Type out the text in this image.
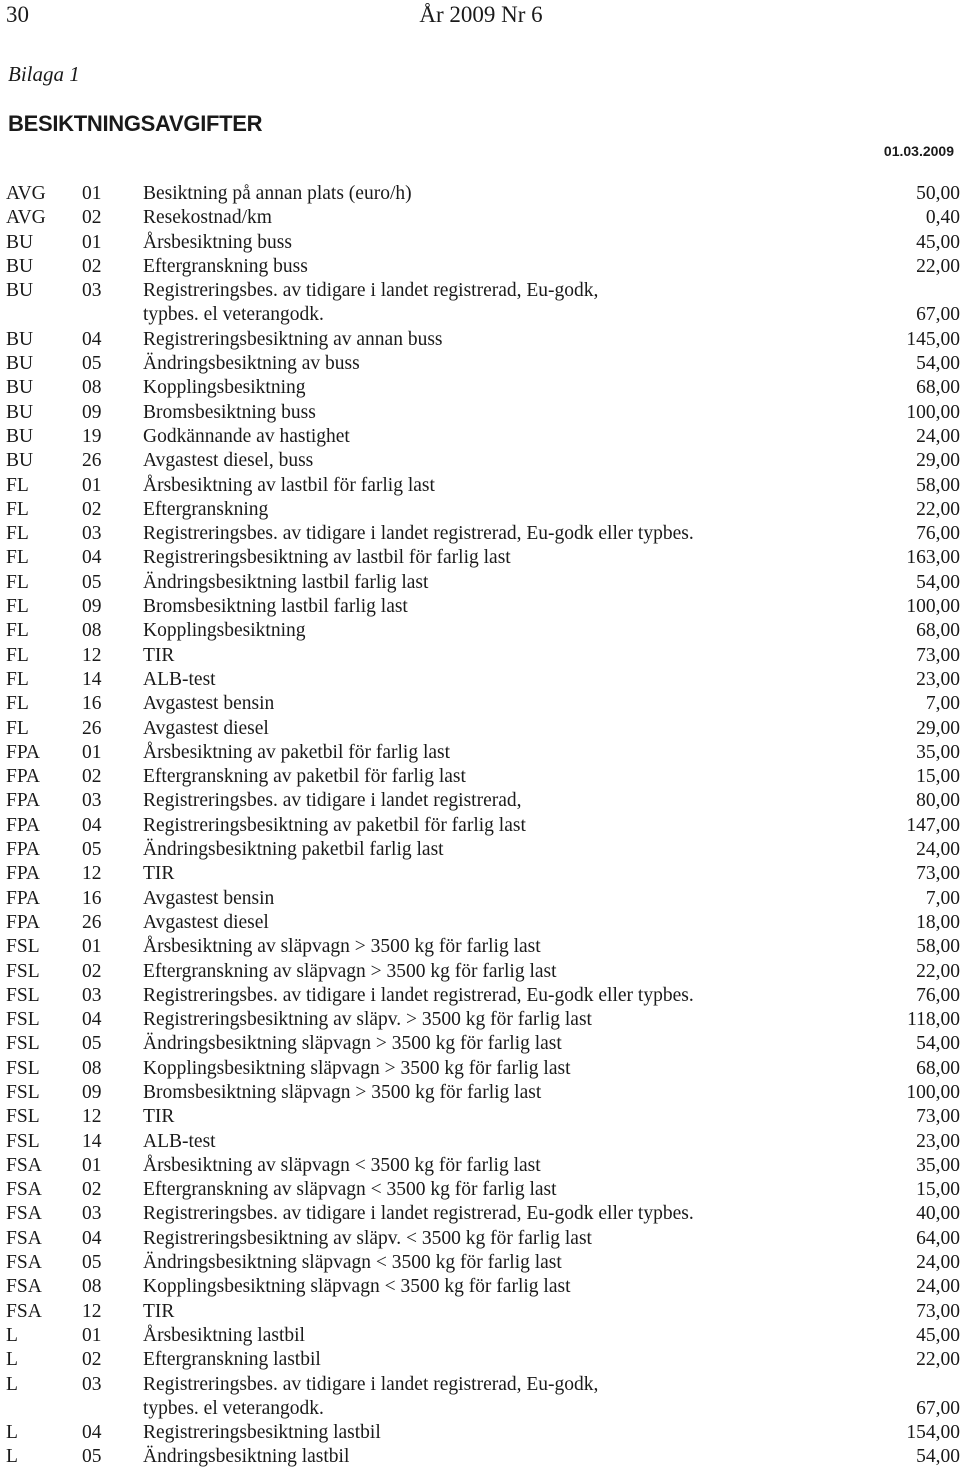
30	År 2009 Nr 6
Bilaga 1
BESIKTNINGSAVGIFTER
01.03.2009
AVG 01 Besiktning på annan plats (euro/h)	50,00
AVG 02 Resekostnad/km	0,40
BU	01 Årsbesiktning buss	45,00
BU	02 Eftergranskning buss	22,00
BU	03 Registreringsbes. av tidigare i landet registrerad, Eu-godk,
typbes. el veterangodk.	67,00
BU	04 Registreringsbesiktning av annan buss	145,00
BU	05 Ändringsbesiktning av buss	54,00
BU	08 Kopplingsbesiktning	68,00
BU	09 Bromsbesiktning buss	100,00
BU	19 Godkännande av hastighet	24,00
BU	26 Avgastest diesel, buss	29,00
FL	01 Årsbesiktning av lastbil för farlig last	58,00
FL	02 Eftergranskning	22,00
FL	03 Registreringsbes. av tidigare i landet registrerad, Eu-godk eller typbes.	76,00
FL	04 Registreringsbesiktning av lastbil för farlig last	163,00
FL	05 Ändringsbesiktning lastbil farlig last	54,00
FL	09 Bromsbesiktning lastbil farlig last	100,00
FL	08 Kopplingsbesiktning	68,00
FL	12 TIR	73,00
FL	14 ALB-test	23,00
FL	16 Avgastest bensin	7,00
FL	26 Avgastest diesel	29,00
FPA 01 Årsbesiktning av paketbil för farlig last	35,00
FPA 02 Eftergranskning av paketbil för farlig last	15,00
FPA 03 Registreringsbes. av tidigare i landet registrerad,	80,00
FPA 04 Registreringsbesiktning av paketbil för farlig last	147,00
FPA 05 Ändringsbesiktning paketbil farlig last	24,00
FPA 12 TIR	73,00
FPA 16 Avgastest bensin	7,00
FPA 26 Avgastest diesel	18,00
FSL 01 Årsbesiktning av släpvagn > 3500 kg för farlig last	58,00
FSL 02 Eftergranskning av släpvagn > 3500 kg för farlig last	22,00
FSL 03 Registreringsbes. av tidigare i landet registrerad, Eu-godk eller typbes.	76,00
FSL 04 Registreringsbesiktning av släpv. > 3500 kg för farlig last	118,00
FSL 05 Ändringsbesiktning släpvagn > 3500 kg för farlig last	54,00
FSL 08 Kopplingsbesiktning släpvagn > 3500 kg för farlig last	68,00
FSL 09 Bromsbesiktning släpvagn > 3500 kg för farlig last	100,00
FSL 12 TIR	73,00
FSL 14 ALB-test	23,00
FSA 01 Årsbesiktning av släpvagn < 3500 kg för farlig last	35,00
FSA 02 Eftergranskning av släpvagn < 3500 kg för farlig last	15,00
FSA 03 Registreringsbes. av tidigare i landet registrerad, Eu-godk eller typbes.	40,00
FSA 04 Registreringsbesiktning av släpv. < 3500 kg för farlig last	64,00
FSA 05 Ändringsbesiktning släpvagn < 3500 kg för farlig last	24,00
FSA 08 Kopplingsbesiktning släpvagn < 3500 kg för farlig last	24,00
FSA 12 TIR	73,00
L	01 Årsbesiktning lastbil	45,00
L	02 Eftergranskning lastbil	22,00
L	03 Registreringsbes. av tidigare i landet registrerad, Eu-godk,
typbes. el veterangodk.	67,00
L	04 Registreringsbesiktning lastbil	154,00
L	05 Ändringsbesiktning lastbil	54,00
